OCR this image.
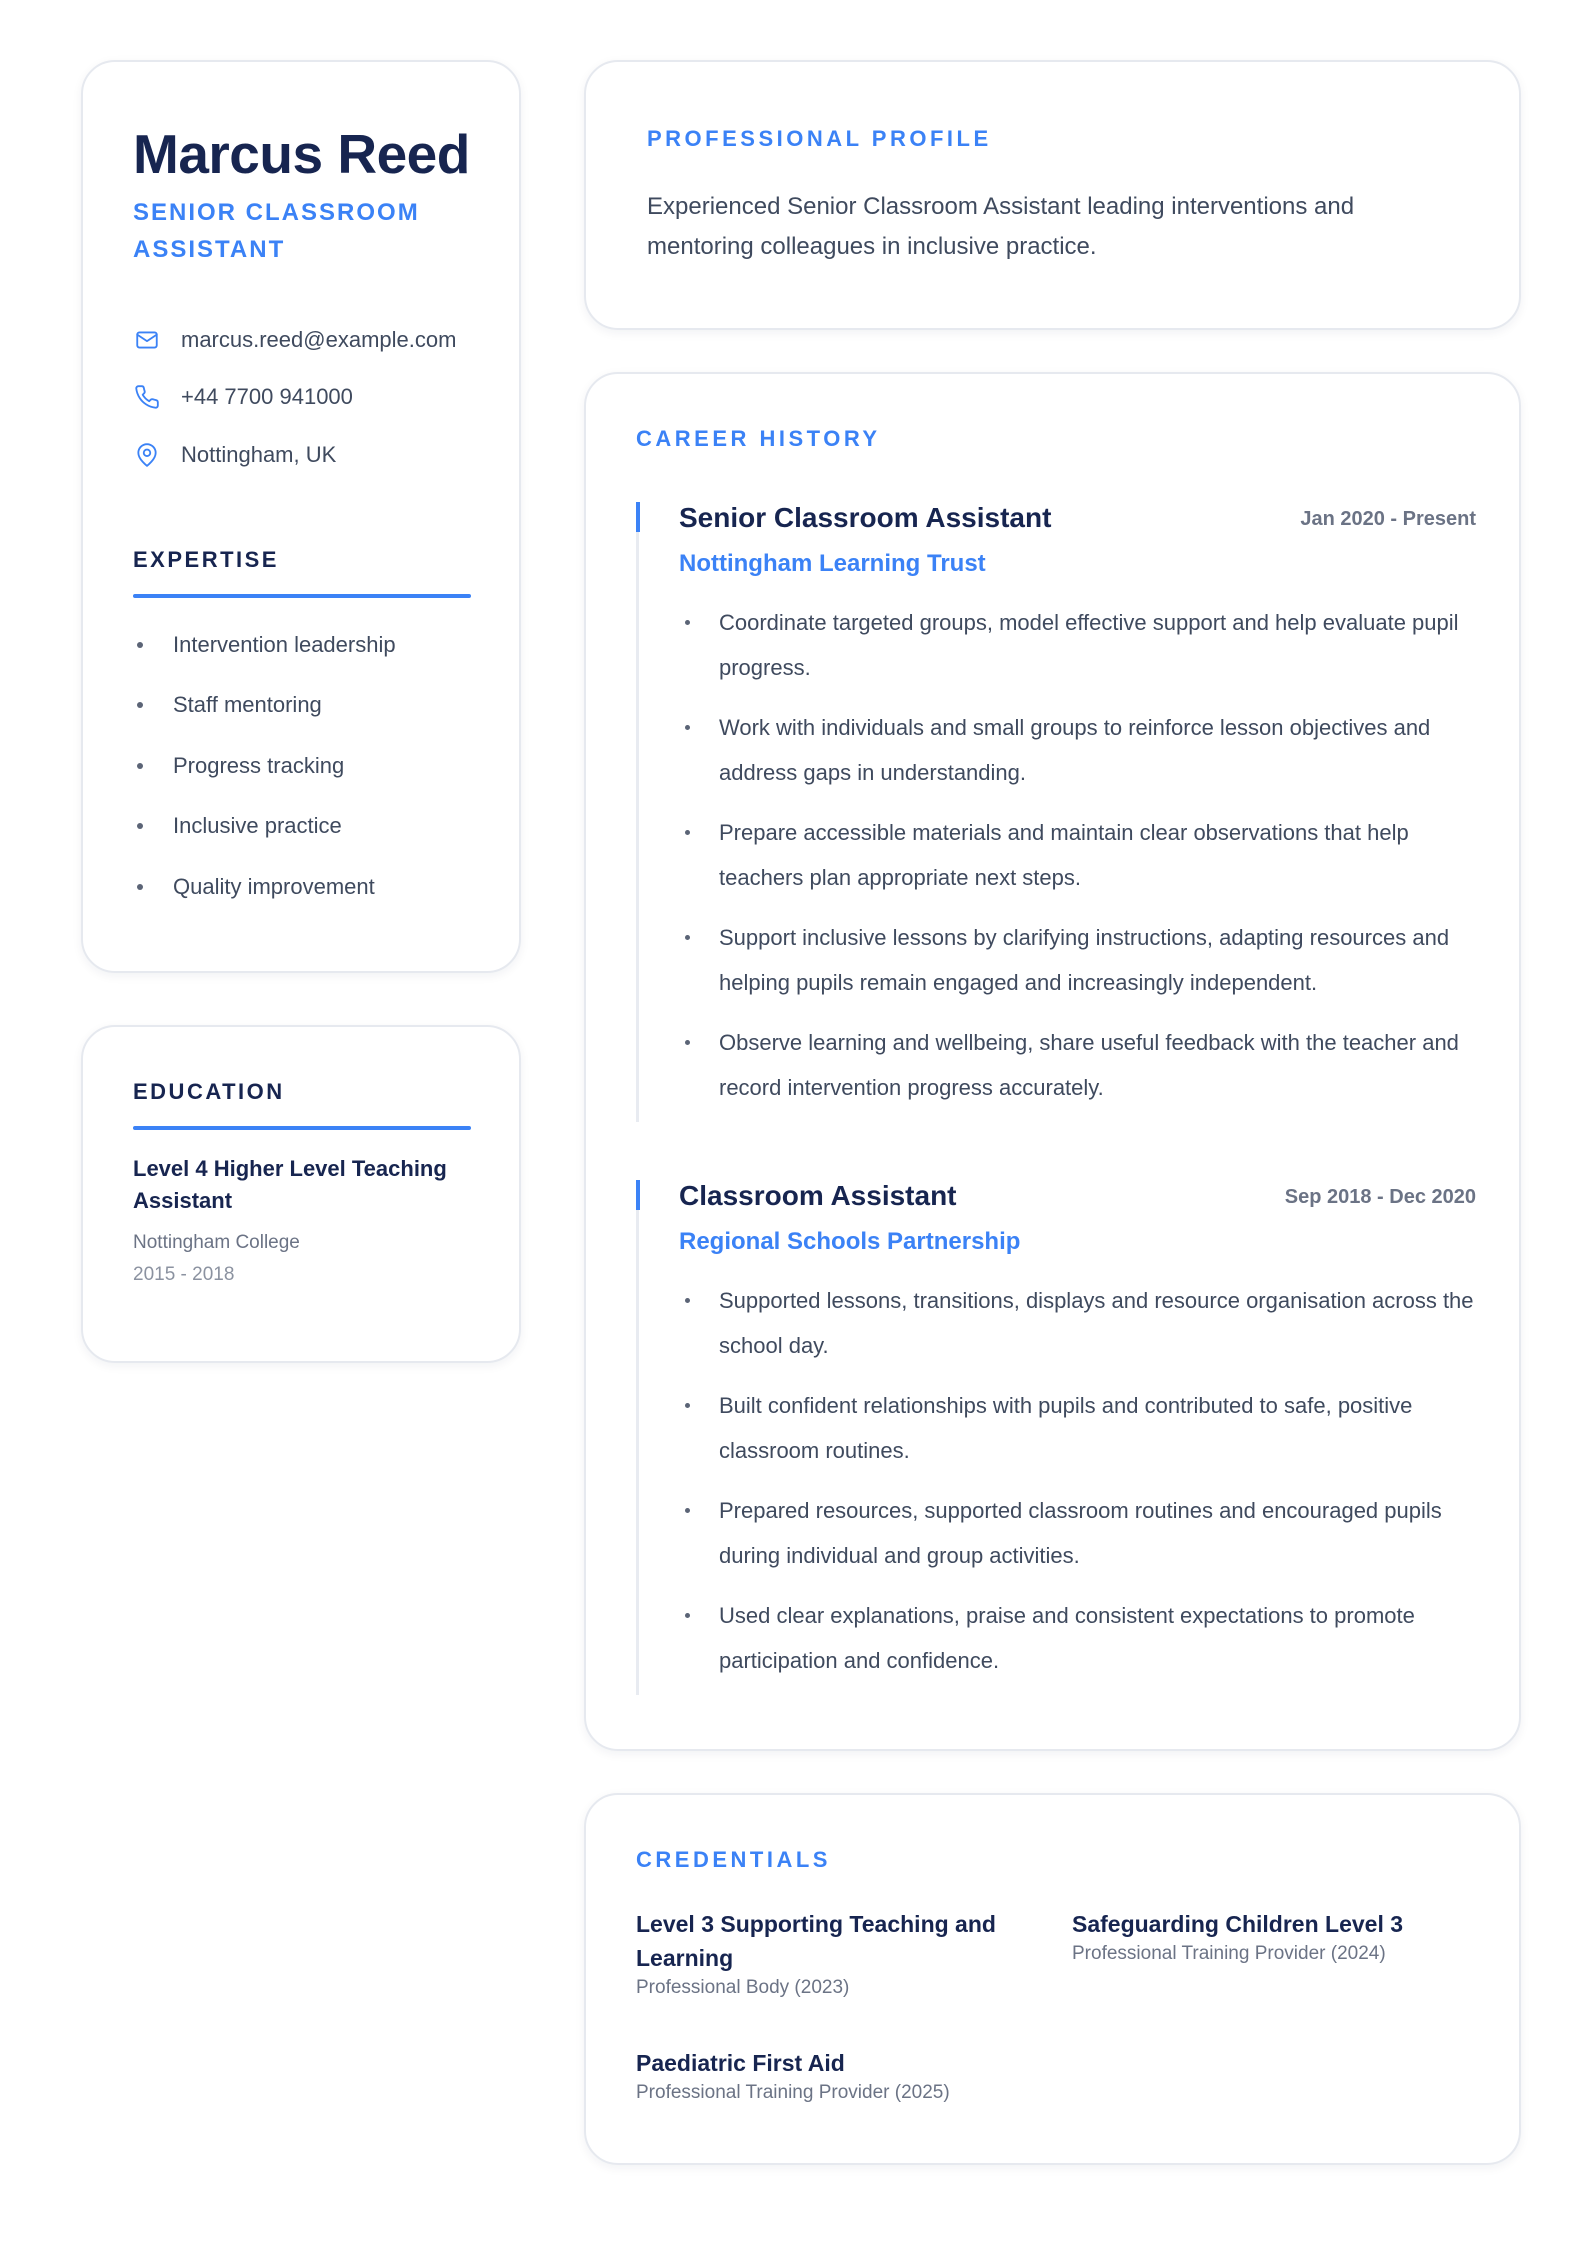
Marcus Reed
SENIOR CLASSROOM ASSISTANT
marcus.reed@example.com
+44 7700 941000
Nottingham, UK
EXPERTISE
Intervention leadership
Staff mentoring
Progress tracking
Inclusive practice
Quality improvement
EDUCATION
Level 4 Higher Level Teaching Assistant
Nottingham College
2015 - 2018
PROFESSIONAL PROFILE
Experienced Senior Classroom Assistant leading interventions and mentoring colleagues in inclusive practice.
CAREER HISTORY
Senior Classroom Assistant	Jan 2020 - Present
Nottingham Learning Trust
Coordinate targeted groups, model effective support and help evaluate pupil progress.
Work with individuals and small groups to reinforce lesson objectives and address gaps in understanding.
Prepare accessible materials and maintain clear observations that help teachers plan appropriate next steps.
Support inclusive lessons by clarifying instructions, adapting resources and helping pupils remain engaged and increasingly independent.
Observe learning and wellbeing, share useful feedback with the teacher and record intervention progress accurately.
Classroom Assistant	Sep 2018 - Dec 2020
Regional Schools Partnership
Supported lessons, transitions, displays and resource organisation across the school day.
Built confident relationships with pupils and contributed to safe, positive classroom routines.
Prepared resources, supported classroom routines and encouraged pupils during individual and group activities.
Used clear explanations, praise and consistent expectations to promote participation and confidence.
CREDENTIALS
Level 3 Supporting Teaching and Learning
Professional Body (2023)
Safeguarding Children Level 3
Professional Training Provider (2024)
Paediatric First Aid
Professional Training Provider (2025)
